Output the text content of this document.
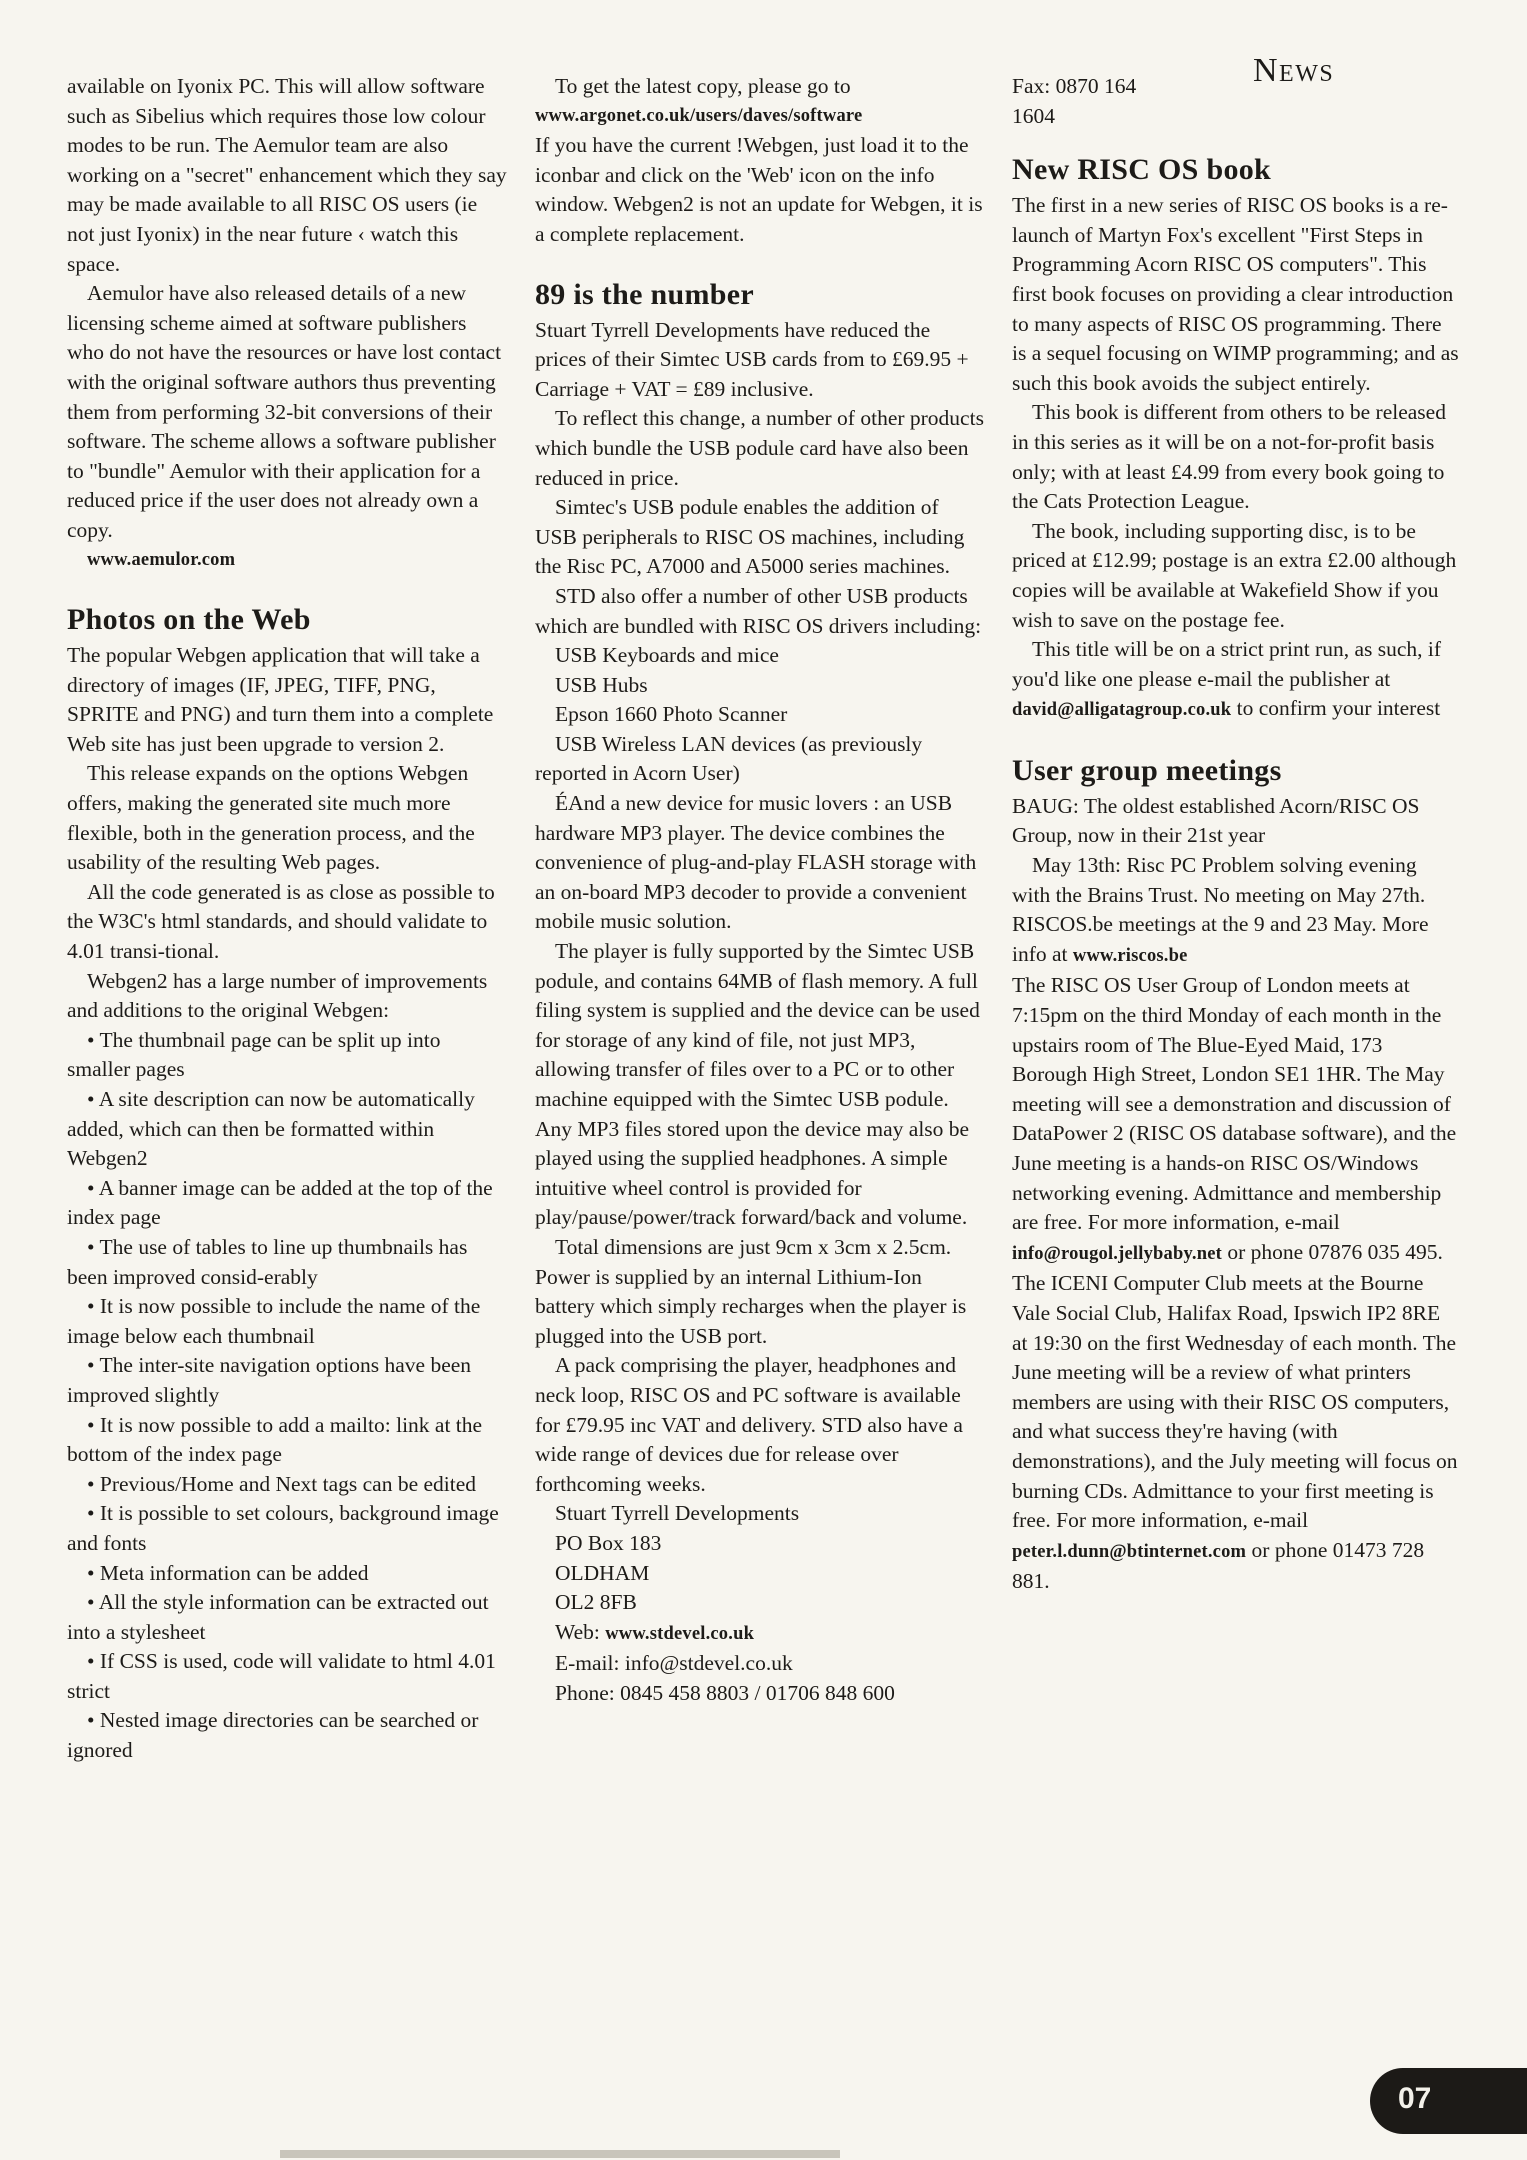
News

available on Iyonix PC. This will allow software such as Sibelius which requires those low colour modes to be run. The Aemulor team are also working on a "secret" enhancement which they say may be made available to all RISC OS users (ie not just Iyonix) in the near future ‹ watch this space.

Aemulor have also released details of a new licensing scheme aimed at software publishers who do not have the resources or have lost contact with the original software authors thus preventing them from performing 32-bit conversions of their software. The scheme allows a software publisher to "bundle" Aemulor with their application for a reduced price if the user does not already own a copy.

www.aemulor.com

Photos on the Web

The popular Webgen application that will take a directory of images (IF, JPEG, TIFF, PNG, SPRITE and PNG) and turn them into a complete Web site has just been upgrade to version 2.

This release expands on the options Webgen offers, making the generated site much more flexible, both in the generation process, and the usability of the resulting Web pages.

All the code generated is as close as possible to the W3C's html standards, and should validate to 4.01 transi-tional.

Webgen2 has a large number of improvements and additions to the original Webgen:

• The thumbnail page can be split up into smaller pages

• A site description can now be automatically added, which can then be formatted within Webgen2

• A banner image can be added at the top of the index page

• The use of tables to line up thumbnails has been improved consid-erably

• It is now possible to include the name of the image below each thumbnail

• The inter-site navigation options have been improved slightly

• It is now possible to add a mailto: link at the bottom of the index page

• Previous/Home and Next tags can be edited

• It is possible to set colours, background image and fonts

• Meta information can be added

• All the style information can be extracted out into a stylesheet

• If CSS is used, code will validate to html 4.01 strict

• Nested image directories can be searched or ignored

To get the latest copy, please go to

www.argonet.co.uk/users/daves/software

If you have the current !Webgen, just load it to the iconbar and click on the 'Web' icon on the info window. Webgen2 is not an update for Webgen, it is a complete replacement.

89 is the number

Stuart Tyrrell Developments have reduced the prices of their Simtec USB cards from to £69.95 + Carriage + VAT = £89 inclusive.

To reflect this change, a number of other products which bundle the USB podule card have also been reduced in price.

Simtec's USB podule enables the addition of USB peripherals to RISC OS machines, including the Risc PC, A7000 and A5000 series machines.

STD also offer a number of other USB products which are bundled with RISC OS drivers including:

USB Keyboards and mice

USB Hubs

Epson 1660 Photo Scanner

USB Wireless LAN devices (as previously reported in Acorn User)

ÉAnd a new device for music lovers : an USB hardware MP3 player. The device combines the convenience of plug-and-play FLASH storage with an on-board MP3 decoder to provide a convenient mobile music solution.

The player is fully supported by the Simtec USB podule, and contains 64MB of flash memory. A full filing system is supplied and the device can be used for storage of any kind of file, not just MP3, allowing transfer of files over to a PC or to other machine equipped with the Simtec USB podule. Any MP3 files stored upon the device may also be played using the supplied headphones. A simple intuitive wheel control is provided for play/pause/power/track forward/back and volume.

Total dimensions are just 9cm x 3cm x 2.5cm. Power is supplied by an internal Lithium-Ion battery which simply recharges when the player is plugged into the USB port.

A pack comprising the player, headphones and neck loop, RISC OS and PC software is available for £79.95 inc VAT and delivery. STD also have a wide range of devices due for release over forthcoming weeks.

Stuart Tyrrell Developments

PO Box 183

OLDHAM

OL2 8FB

Web: www.stdevel.co.uk

E-mail: info@stdevel.co.uk

Phone: 0845 458 8803 / 01706 848 600

Fax: 0870 164 1604

New RISC OS book

The first in a new series of RISC OS books is a re-launch of Martyn Fox's excellent "First Steps in Programming Acorn RISC OS computers". This first book focuses on providing a clear introduction to many aspects of RISC OS programming. There is a sequel focusing on WIMP programming; and as such this book avoids the subject entirely.

This book is different from others to be released in this series as it will be on a not-for-profit basis only; with at least £4.99 from every book going to the Cats Protection League.

The book, including supporting disc, is to be priced at £12.99; postage is an extra £2.00 although copies will be available at Wakefield Show if you wish to save on the postage fee.

This title will be on a strict print run, as such, if you'd like one please e-mail the publisher at david@alligatagroup.co.uk to confirm your interest

User group meetings

BAUG: The oldest established Acorn/RISC OS Group, now in their 21st year

May 13th: Risc PC Problem solving evening with the Brains Trust. No meeting on May 27th.

RISCOS.be meetings at the 9 and 23 May. More info at www.riscos.be

The RISC OS User Group of London meets at 7:15pm on the third Monday of each month in the upstairs room of The Blue-Eyed Maid, 173 Borough High Street, London SE1 1HR. The May meeting will see a demonstration and discussion of DataPower 2 (RISC OS database software), and the June meeting is a hands-on RISC OS/Windows networking evening. Admittance and membership are free. For more information, e-mail info@rougol.jellybaby.net or phone 07876 035 495.

The ICENI Computer Club meets at the Bourne Vale Social Club, Halifax Road, Ipswich IP2 8RE at 19:30 on the first Wednesday of each month. The June meeting will be a review of what printers members are using with their RISC OS computers, and what success they're having (with demonstrations), and the July meeting will focus on burning CDs. Admittance to your first meeting is free. For more information, e-mail peter.l.dunn@btinternet.com or phone 01473 728 881.

07
